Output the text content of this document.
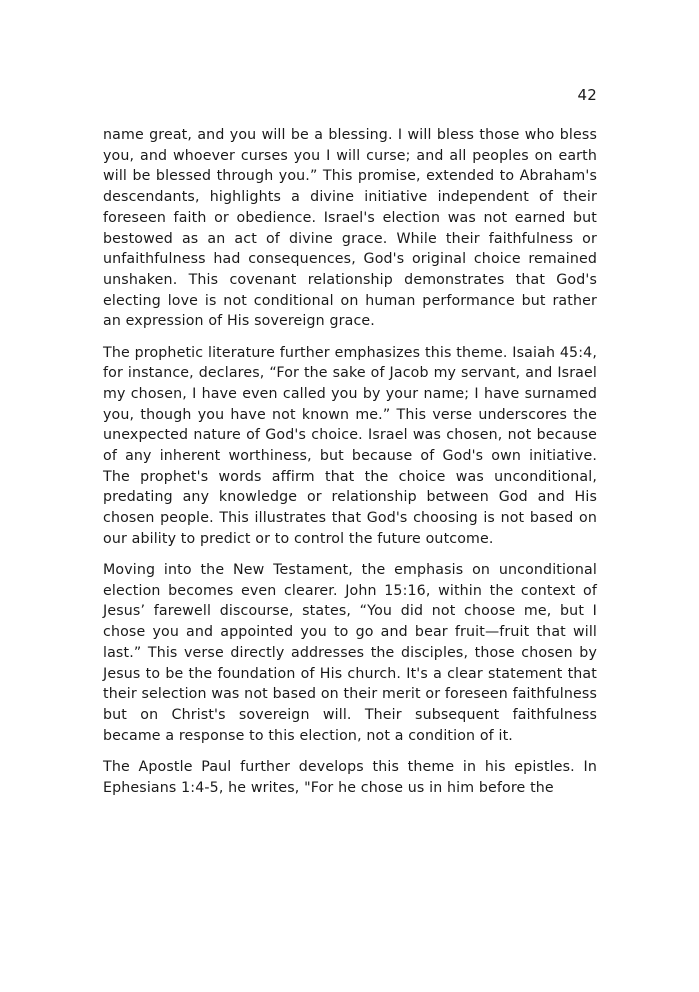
42

name great, and you will be a blessing. I will bless those who bless you, and whoever curses you I will curse; and all peoples on earth will be blessed through you.” This promise, extended to Abraham's descendants, highlights a divine initiative independent of their foreseen faith or obedience. Israel's election was not earned but bestowed as an act of divine grace. While their faithfulness or unfaithfulness had consequences, God's original choice remained unshaken. This covenant relationship demonstrates that God's electing love is not conditional on human performance but rather an expression of His sovereign grace.

The prophetic literature further emphasizes this theme. Isaiah 45:4, for instance, declares, “For the sake of Jacob my servant, and Israel my chosen, I have even called you by your name; I have surnamed you, though you have not known me.” This verse underscores the unexpected nature of God's choice. Israel was chosen, not because of any inherent worthiness, but because of God's own initiative. The prophet's words affirm that the choice was unconditional, predating any knowledge or relationship between God and His chosen people. This illustrates that God's choosing is not based on our ability to predict or to control the future outcome.

Moving into the New Testament, the emphasis on unconditional election becomes even clearer. John 15:16, within the context of Jesus’ farewell discourse, states, “You did not choose me, but I chose you and appointed you to go and bear fruit—fruit that will last.” This verse directly addresses the disciples, those chosen by Jesus to be the foundation of His church. It's a clear statement that their selection was not based on their merit or foreseen faithfulness but on Christ's sovereign will. Their subsequent faithfulness became a response to this election, not a condition of it.

The Apostle Paul further develops this theme in his epistles. In Ephesians 1:4-5, he writes, "For he chose us in him before the
